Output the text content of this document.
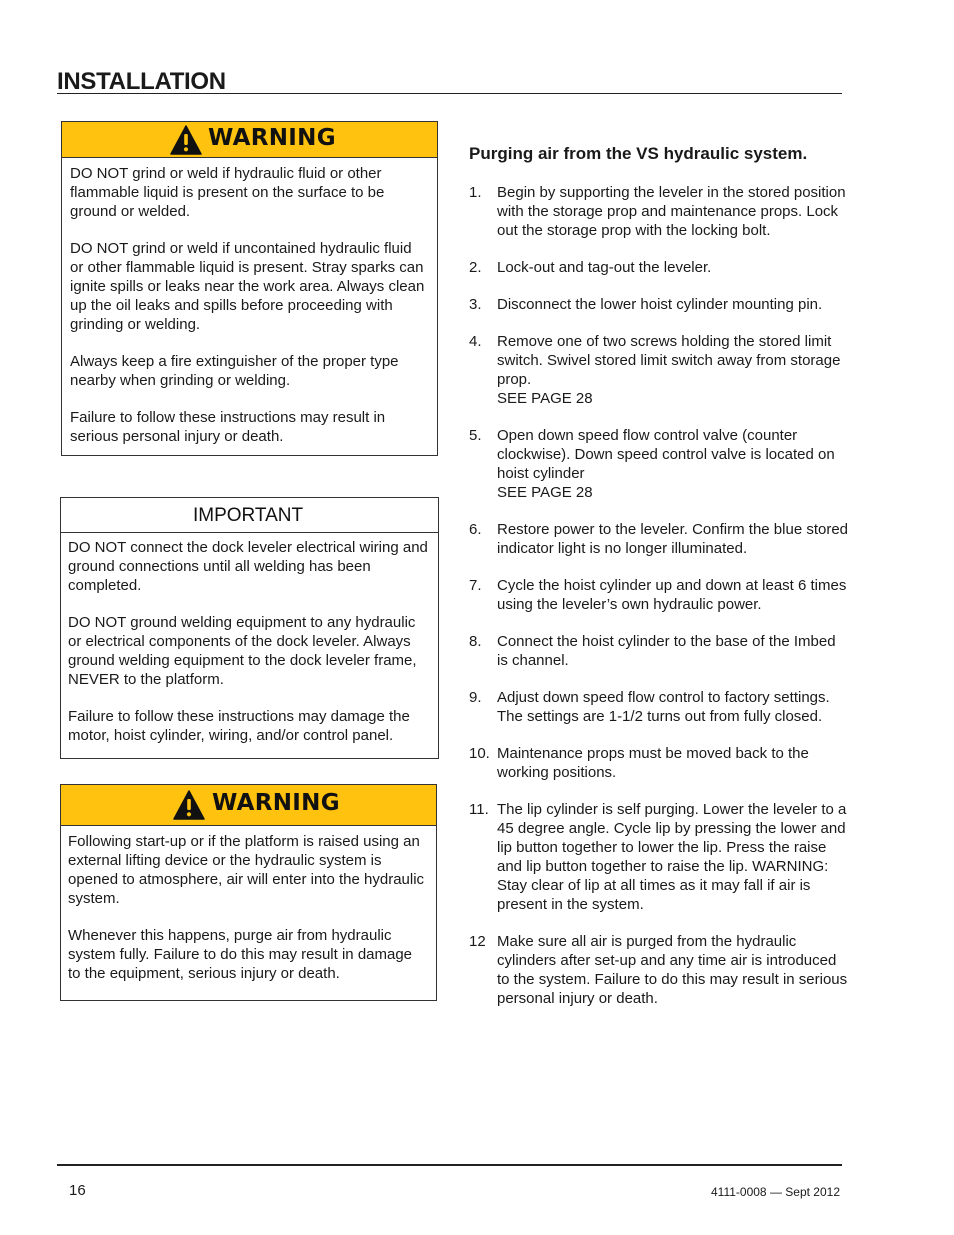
INSTALLATION
WARNING

DO NOT grind or weld if hydraulic fluid or other flammable liquid is present on the surface to be ground or welded.

DO NOT grind or weld if uncontained hydraulic fluid or other flammable liquid is present. Stray sparks can ignite spills or leaks near the work area. Always clean up the oil leaks and spills before proceeding with grinding or welding.

Always keep a fire extinguisher of the proper type nearby when grinding or welding.

Failure to follow these instructions may result in serious personal injury or death.

IMPORTANT

DO NOT connect the dock leveler electrical wiring and ground connections until all welding has been completed.

DO NOT ground welding equipment to any hydraulic or electrical components of the dock leveler. Always ground welding equipment to the dock leveler frame, NEVER to the platform.

Failure to follow these instructions may damage the motor, hoist cylinder, wiring, and/or control panel.

WARNING

Following start-up or if the platform is raised using an external lifting device or the hydraulic system is opened to atmosphere, air will enter into the hydraulic system.

Whenever this happens, purge air from hydraulic system fully. Failure to do this may result in damage to the equipment, serious injury or death.

Purging air from the VS hydraulic system.
1.	Begin by supporting the leveler in the stored position with the storage prop and maintenance props. Lock out the storage prop with the locking bolt.
2.	Lock-out and tag-out the leveler.
3.	Disconnect the lower hoist cylinder mounting pin.
4.	Remove one of two screws holding the stored limit switch. Swivel stored limit switch away from storage prop.
SEE PAGE 28
5.	Open down speed flow control valve (counter clockwise). Down speed control valve is located on hoist cylinder
SEE PAGE 28
6.	Restore power to the leveler. Confirm the blue stored indicator light is no longer illuminated.
7.	Cycle the hoist cylinder up and down at least 6 times using the leveler’s own hydraulic power.
8.	Connect the hoist cylinder to the base of the Imbed is channel.
9.	Adjust down speed flow control to factory settings. The settings are 1-1/2 turns out from fully closed.
10. Maintenance props must be moved back to the working positions.
11. The lip cylinder is self purging. Lower the leveler to a 45 degree angle. Cycle lip by pressing the lower and lip button together to lower the lip. Press the raise and lip button together to raise the lip. WARNING: Stay clear of lip at all times as it may fall if air is present in the system.
12 Make sure all air is purged from the hydraulic cylinders after set-up and any time air is introduced to the system. Failure to do this may result in serious personal injury or death.
16	4111-0008 — Sept 2012
